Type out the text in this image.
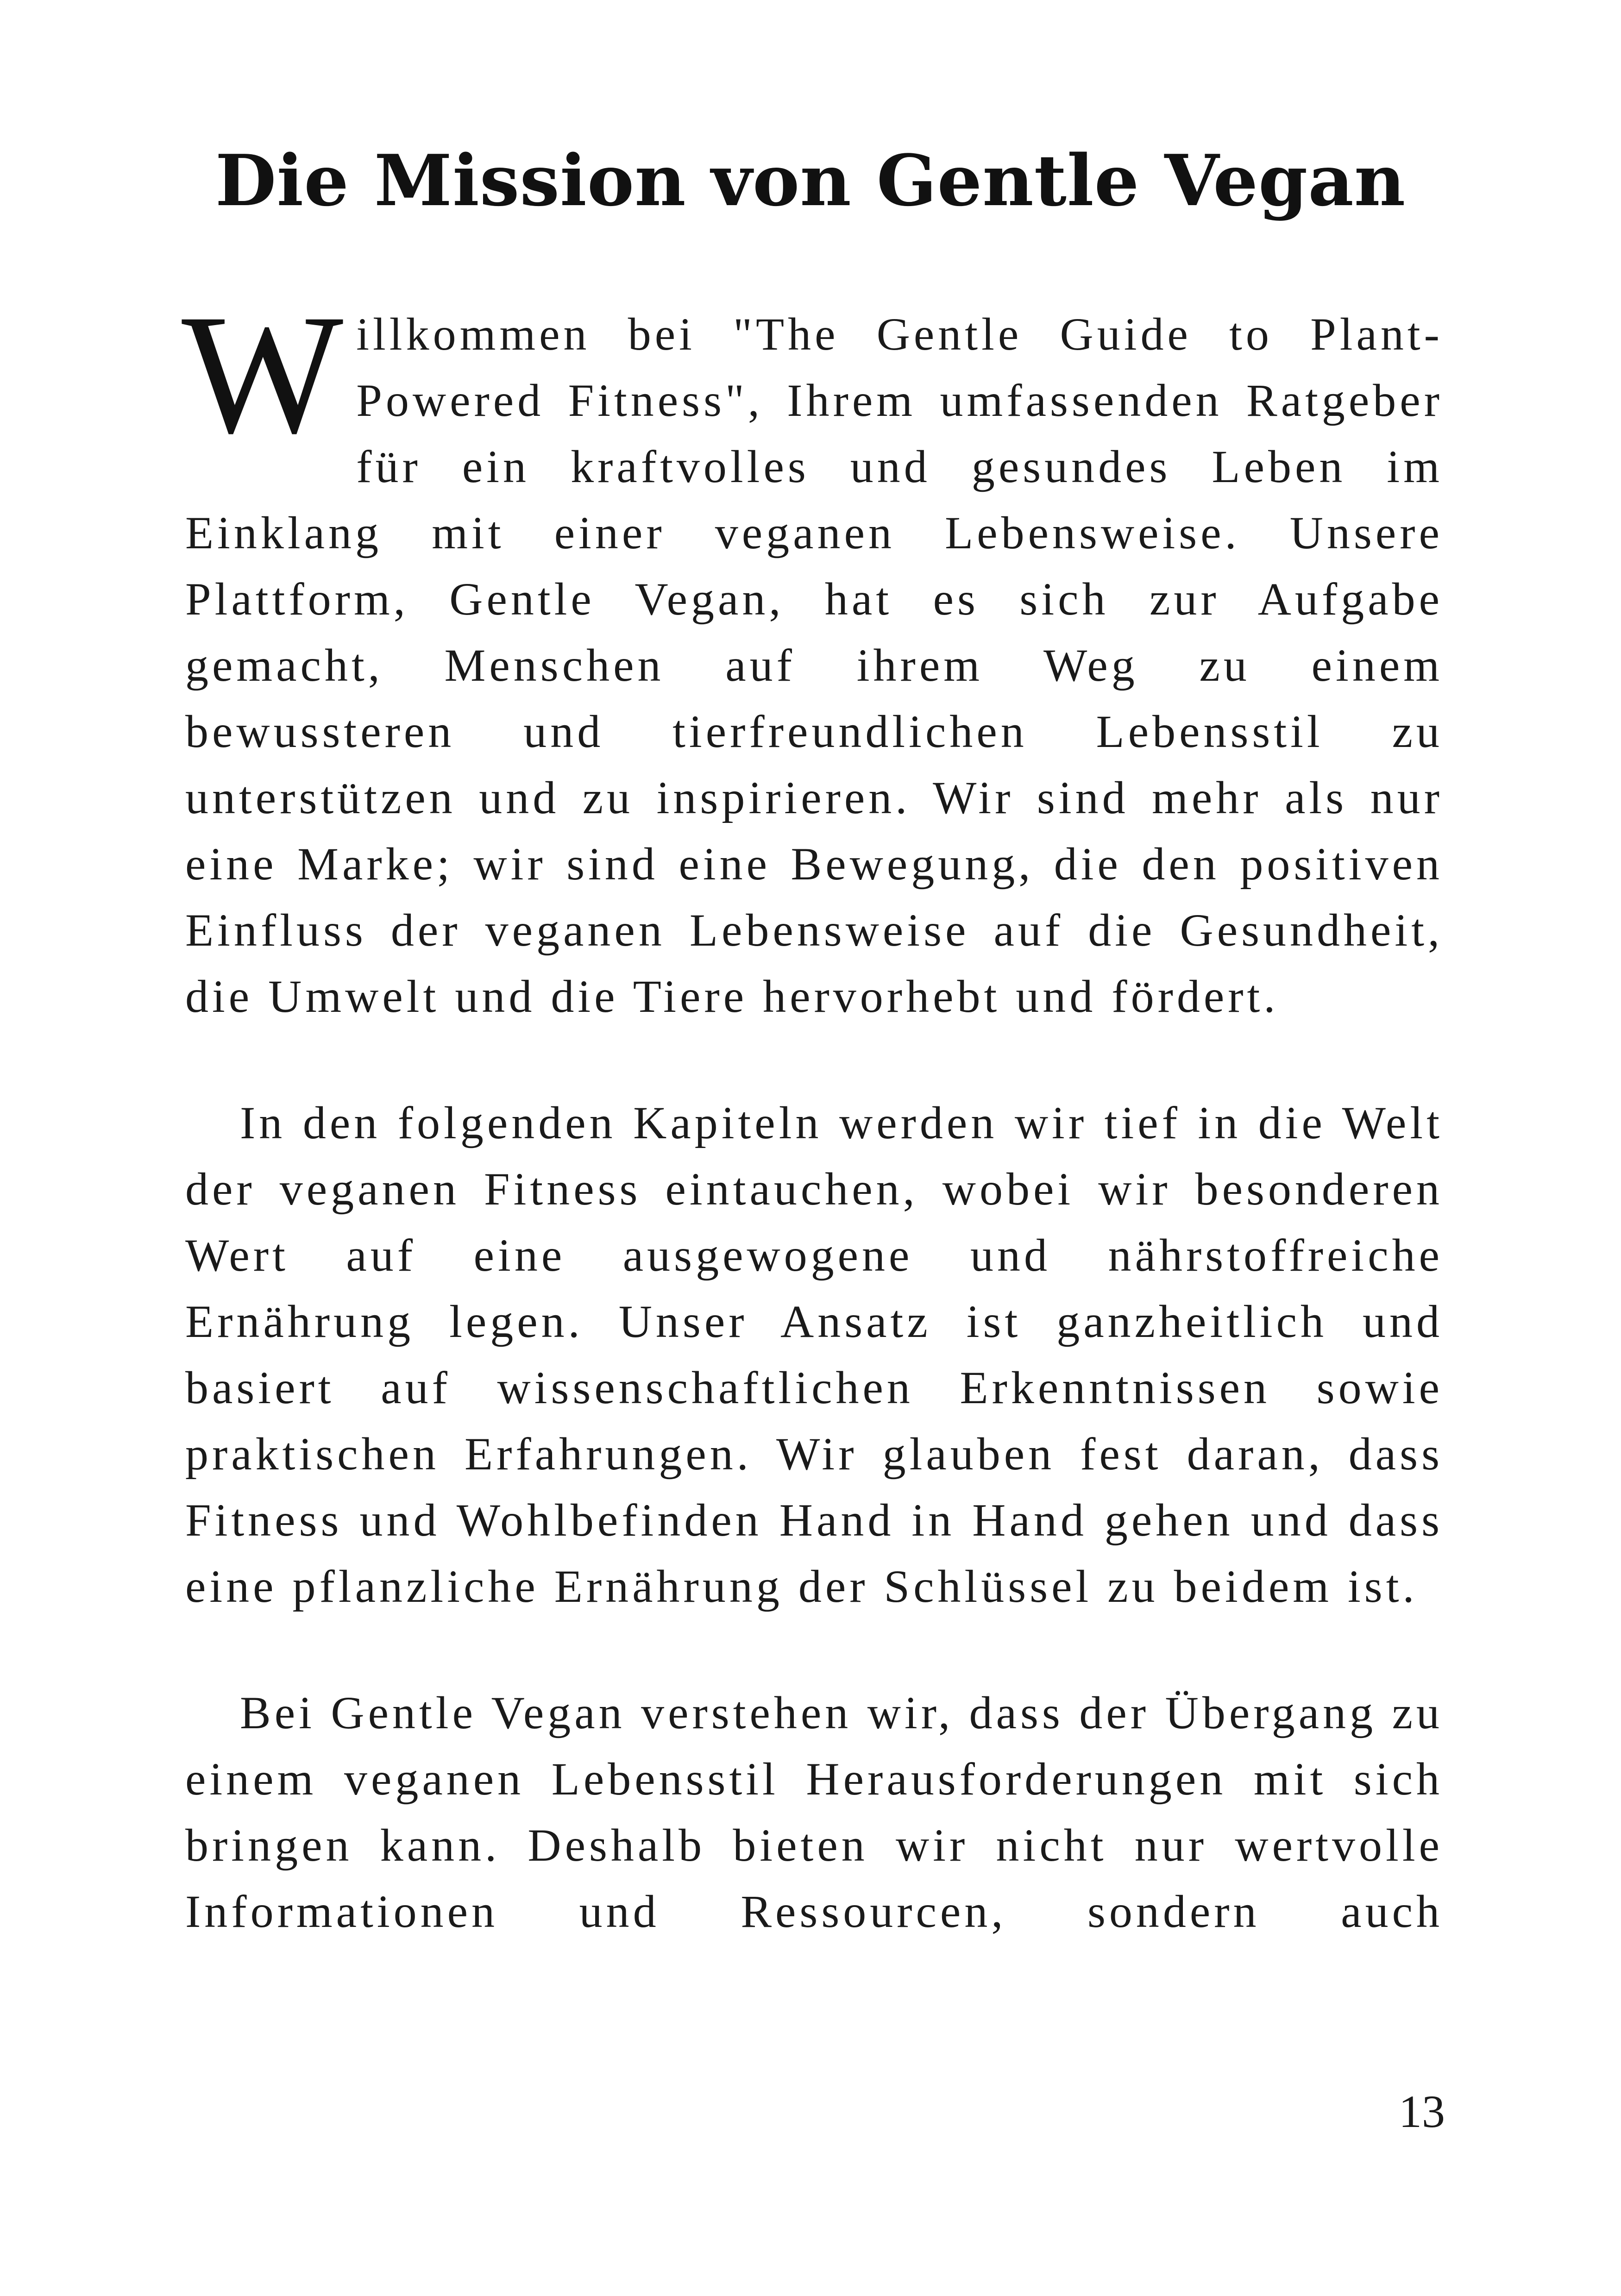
Die Mission von Gentle Vegan

Willkommen bei "The Gentle Guide to Plant-Powered Fitness", Ihrem umfassenden Ratgeber für ein kraftvolles und gesundes Leben im Einklang mit einer veganen Lebensweise. Unsere Plattform, Gentle Vegan, hat es sich zur Aufgabe gemacht, Menschen auf ihrem Weg zu einem bewussteren und tierfreundlichen Lebensstil zu unterstützen und zu inspirieren. Wir sind mehr als nur eine Marke; wir sind eine Bewegung, die den positiven Einfluss der veganen Lebensweise auf die Gesundheit, die Umwelt und die Tiere hervorhebt und fördert.

In den folgenden Kapiteln werden wir tief in die Welt der veganen Fitness eintauchen, wobei wir besonderen Wert auf eine ausgewogene und nährstoffreiche Ernährung legen. Unser Ansatz ist ganzheitlich und basiert auf wissenschaftlichen Erkenntnissen sowie praktischen Erfahrungen. Wir glauben fest daran, dass Fitness und Wohlbefinden Hand in Hand gehen und dass eine pflanzliche Ernährung der Schlüssel zu beidem ist.

Bei Gentle Vegan verstehen wir, dass der Übergang zu einem veganen Lebensstil Herausforderungen mit sich bringen kann. Deshalb bieten wir nicht nur wertvolle Informationen und Ressourcen, sondern auch

13
